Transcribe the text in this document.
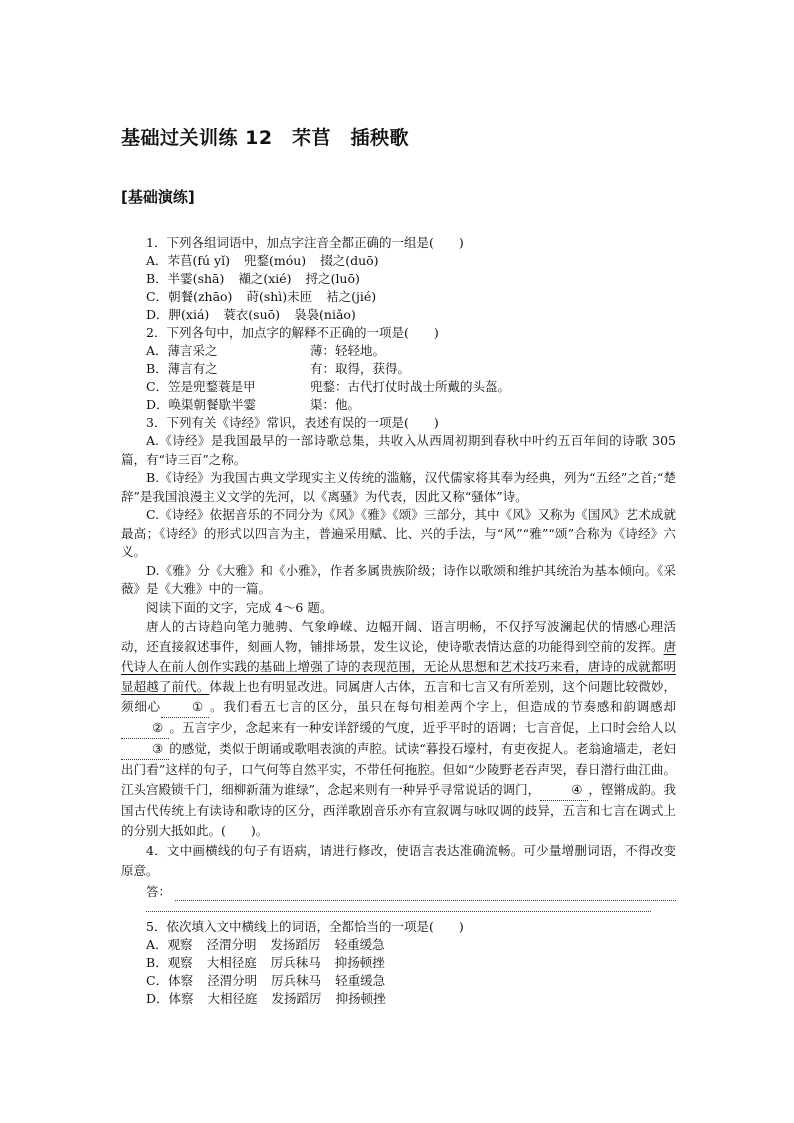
基础过关训练 12　芣苢　插秧歌
[基础演练]
1．下列各组词语中，加点字注音全都正确的一组是(　　)
A．芣苢(fú yǐ) 兜鍪(móu) 掇之(duō)
B．半霎(shā) 襭之(xié) 捋之(luō)
C．朝餐(zhāo) 莳(shì)未匝 袺之(jié)
D．胛(xiá) 蓑衣(suō) 袅袅(niǎo)
2．下列各句中，加点字的解释不正确的一项是(　　)
A．薄言采之	薄：轻轻地。
B．薄言有之	有：取得，获得。
C．笠是兜鍪蓑是甲	兜鍪：古代打仗时战士所戴的头盔。
D．唤渠朝餐歇半霎	渠：他。
3．下列有关《诗经》常识，表述有误的一项是(　　)

A.《诗经》是我国最早的一部诗歌总集，共收入从西周初期到春秋中叶约五百年间的诗歌 305 篇，有“诗三百”之称。

B.《诗经》为我国古典文学现实主义传统的滥觞，汉代儒家将其奉为经典，列为“五经”之首;“楚辞”是我国浪漫主义文学的先河，以《离骚》为代表，因此又称“骚体”诗。

C.《诗经》依据音乐的不同分为《风》《雅》《颂》三部分，其中《风》又称为《国风》艺术成就最高；《诗经》的形式以四言为主，普遍采用赋、比、兴的手法，与“风”“雅”“颂”合称为《诗经》六义。

D.《雅》分《大雅》和《小雅》，作者多属贵族阶级；诗作以歌颂和维护其统治为基本倾向。《采薇》是《大雅》中的一篇。

阅读下面的文字，完成 4～6 题。

唐人的古诗趋向笔力驰骋、气象峥嵘、边幅开阔、语言明畅，不仅抒写波澜起伏的情感心理活动，还直接叙述事件，刻画人物，铺排场景，发生议论，使诗歌表情达意的功能得到空前的发挥。唐代诗人在前人创作实践的基础上增强了诗的表现范围，无论从思想和艺术技巧来看，唐诗的成就都明显超越了前代。体裁上也有明显改进。同属唐人古体，五言和七言又有所差别，这个问题比较微妙，须细心 ① 。我们看五七言的区分，虽只在每句相差两个字上，但造成的节奏感和韵调感却② 。五言字少，念起来有一种安详舒缓的气度，近乎平时的语调；七言音促，上口时会给人以③ 的感觉，类似于朗诵或歌唱表演的声腔。试读“暮投石壕村，有吏夜捉人。老翁逾墙走，老妇出门看”这样的句子，口气何等自然平实，不带任何拖腔。但如“少陵野老吞声哭，春日潜行曲江曲。江头宫殿锁千门，细柳新蒲为谁绿”，念起来则有一种异乎寻常说话的调门， ④ ，铿锵成韵。我国古代传统上有读诗和歌诗的区分，西洋歌剧音乐亦有宣叙调与咏叹调的歧异，五言和七言在调式上的分别大抵如此。(　　)。

4．文中画横线的句子有语病，请进行修改，使语言表达准确流畅。可少量增删词语，不得改变原意。

答：
5．依次填入文中横线上的词语，全都恰当的一项是(　　)
A．观察 泾渭分明 发扬蹈厉 轻重缓急
B．观察 大相径庭 厉兵秣马 抑扬顿挫
C．体察 泾渭分明 厉兵秣马 轻重缓急
D．体察 大相径庭 发扬蹈厉 抑扬顿挫
